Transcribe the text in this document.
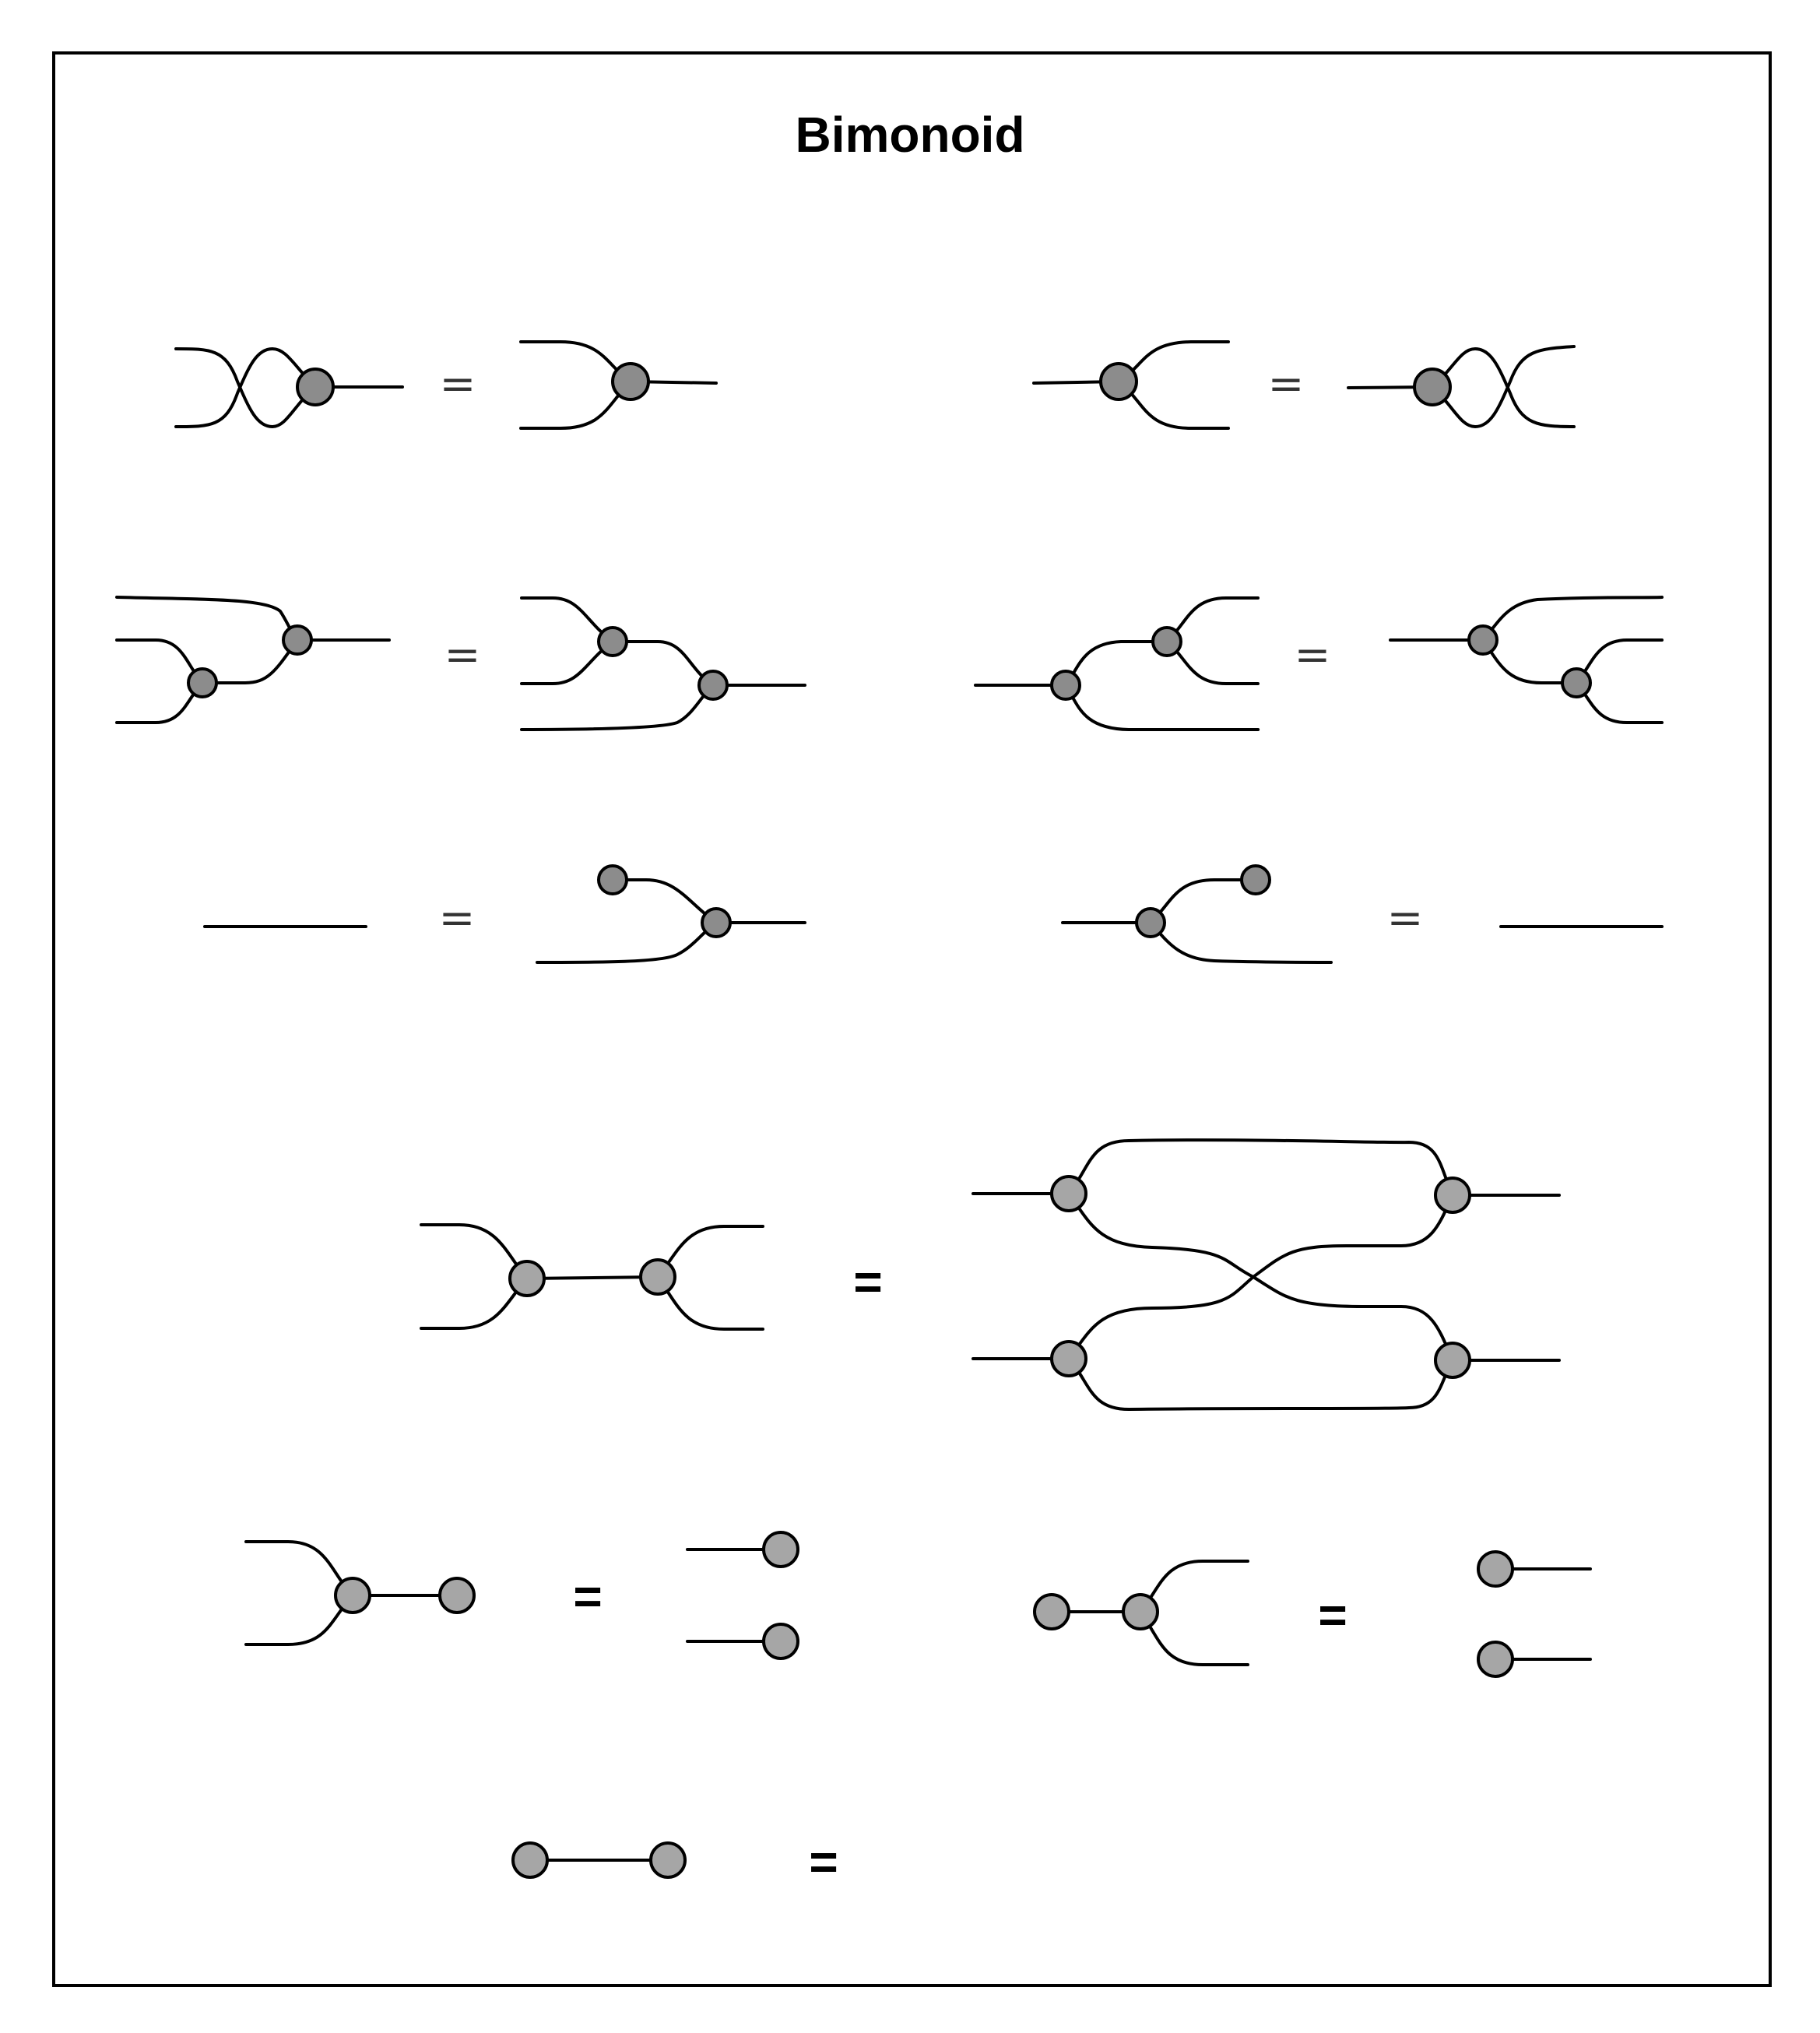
Bimonoid
=	=
=	=
=	=
=
=	=
=
